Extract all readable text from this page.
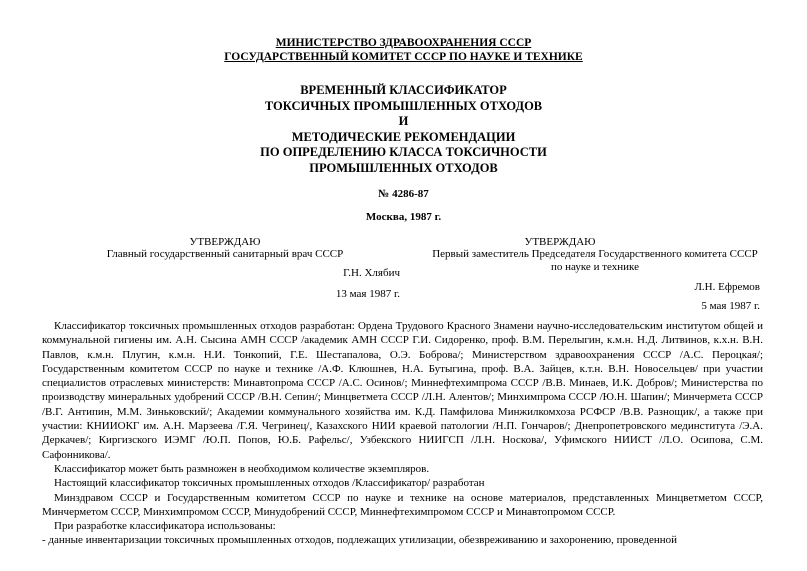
МИНИСТЕРСТВО ЗДРАВООХРАНЕНИЯ СССР
ГОСУДАРСТВЕННЫЙ КОМИТЕТ СССР ПО НАУКЕ И ТЕХНИКЕ
ВРЕМЕННЫЙ КЛАССИФИКАТОР
ТОКСИЧНЫХ ПРОМЫШЛЕННЫХ ОТХОДОВ
И
МЕТОДИЧЕСКИЕ РЕКОМЕНДАЦИИ
ПО ОПРЕДЕЛЕНИЮ КЛАССА ТОКСИЧНОСТИ
ПРОМЫШЛЕННЫХ ОТХОДОВ
№ 4286-87
Москва, 1987 г.
УТВЕРЖДАЮ
Главный государственный санитарный врач СССР
Г.Н. Хлябич
13 мая 1987 г.
УТВЕРЖДАЮ
Первый заместитель Председателя Государственного комитета СССР по науке и технике
Л.Н. Ефремов
5 мая 1987 г.

Классификатор токсичных промышленных отходов разработан: Ордена Трудового Красного Знамени научно-исследовательским институтом общей и коммунальной гигиены им. А.Н. Сысина АМН СССР /академик АМН СССР Г.И. Сидоренко, проф. В.М. Перелыгин, к.м.н. Н.Д. Литвинов, к.х.н. В.Н. Павлов, к.м.н. Плугин, к.м.н. Н.И. Тонкопий, Г.Е. Шестапалова, О.Э. Боброва/; Министерством здравоохранения СССР /А.С. Пероцкая/; Государственным комитетом СССР по науке и технике /А.Ф. Клюшнев, Н.А. Бутыгина, проф. В.А. Зайцев, к.т.н. В.Н. Новосельцев/ при участии специалистов отраслевых министерств: Минавтопрома СССР /А.С. Осинов/; Миннефтехимпрома СССР /В.В. Минаев, И.К. Добров/; Министерства по производству минеральных удобрений СССР /В.Н. Сепин/; Минцветмета СССР /Л.Н. Алентов/; Минхимпрома СССР /Ю.Н. Шапин/; Минчермета СССР /В.Г. Антипин, М.М. Зиньковский/; Академии коммунального хозяйства им. К.Д. Памфилова Минжилкомхоза РСФСР /В.В. Разнощик/, а также при участии: КНИИОКГ им. А.Н. Марзеева /Г.Я. Чегринец/, Казахского НИИ краевой патологии /Н.П. Гончаров/; Днепропетровского мединститута /Э.А. Деркачев/; Киргизского ИЭМГ /Ю.П. Попов, Ю.Б. Рафельc/, Узбекского НИИГСП /Л.Н. Носкова/, Уфимского НИИСТ /Л.О. Осипова, С.М. Сафонникова/.

Классификатор может быть размножен в необходимом количестве экземпляров.

Настоящий классификатор токсичных промышленных отходов /Классификатор/ разработан

Минздравом СССР и Государственным комитетом СССР по науке и технике на основе материалов, представленных Минцветметом СССР, Минчерметом СССР, Минхимпромом СССР, Минудобрений СССР, Миннефтехимпромом СССР и Минавтопромом СССР.

При разработке классификатора использованы:

- данные инвентаризации токсичных промышленных отходов, подлежащих утилизации, обезвреживанию и захоронению, проведенной
